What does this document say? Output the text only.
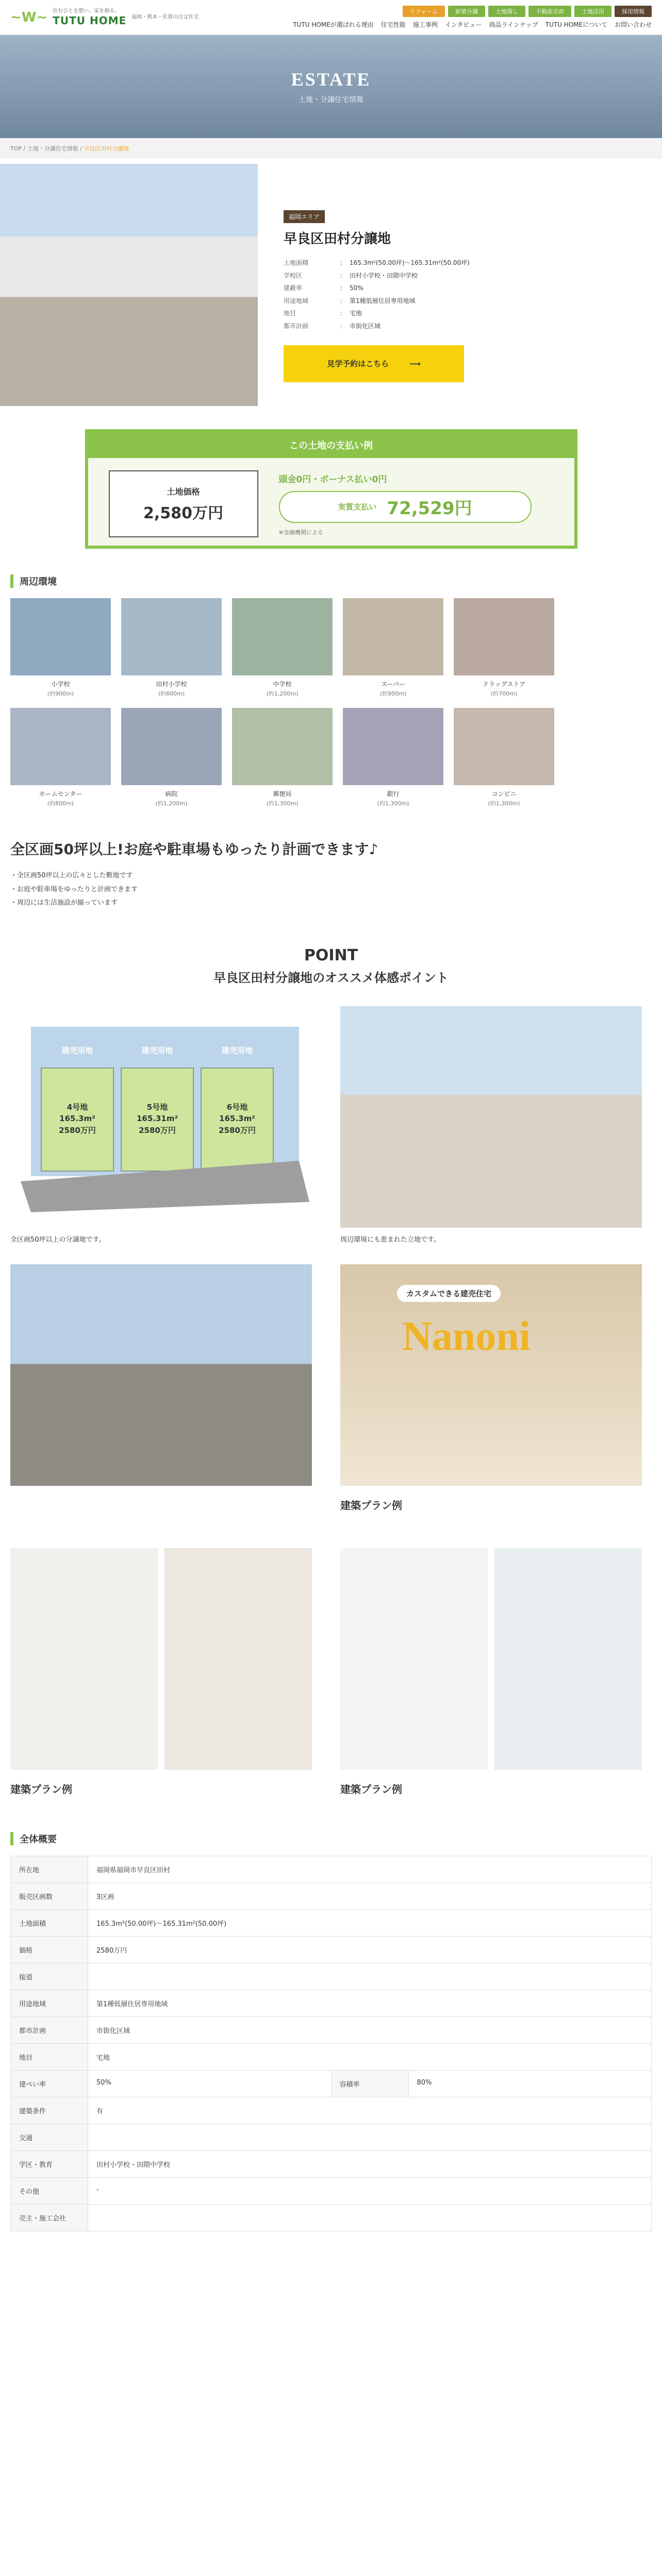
~W~ 住むひとを想い、家を創る。
TUTU HOME 福岡・熊本・佐賀の注文住宅
リフォーム	新築分譲	土地探し	不動産売却	土地活用	採用情報
TUTU HOMEが選ばれる理由 住宅性能 施工事例 インタビュー 商品ラインナップ TUTU HOMEについて お問い合わせ
ESTATE

土地・分譲住宅情報

TOP / 土地・分譲住宅情報 / 早良区田村分譲地
福岡エリア
早良区田村分譲地
土地面積	:	165.3m²(50.00坪)〜165.31m²(50.00坪)
学校区	:	田村小学校・田隈中学校
建蔽率	:	50%
用途地域	:	第1種低層住居専用地域
地目	:	宅地
都市計画	:	市街化区域
見学予約はこちら	⟶
この土地の支払い例
土地価格
2,580万円
頭金0円・ボーナス払い0円
実質支払い 72,529円
※金融機関による
周辺環境
小学校
(約900m)
田村小学校
(約600m)
中学校
(約1,200m)
スーパー
(約900m)
ドラッグストア
(約700m)
ホームセンター
(約800m)
病院
(約1,200m)
郵便局
(約1,300m)
銀行
(約1,300m)
コンビニ
(約1,300m)
全区画50坪以上!お庭や駐車場もゆったり計画できます♪
・全区画50坪以上の広々とした敷地です
・お庭や駐車場をゆったりと計画できます
・周辺には生活施設が揃っています
POINT
早良区田村分譲地のオススメ体感ポイント
建売用地
4号地
165.3m²
2580万円
建売用地
5号地
165.31m²
2580万円
建売用地
6号地
165.3m²
2580万円
全区画50坪以上の分譲地です。	周辺環境にも恵まれた立地です。
カスタムできる建売住宅
Nanoni
建築プラン例
建築プラン例	建築プラン例
全体概要
所在地	福岡県福岡市早良区田村		
販売区画数	3区画		
土地面積	165.3m²(50.00坪)〜165.31m²(50.00坪)		
価格	2580万円		
接道			
用途地域	第1種低層住居専用地域		
都市計画	市街化区域		
地目	宅地		
建ぺい率	50%	容積率	80%
建築条件	有		
交通			
学区・教育	田村小学校・田隈中学校		
その他	-		
売主・施工会社			
